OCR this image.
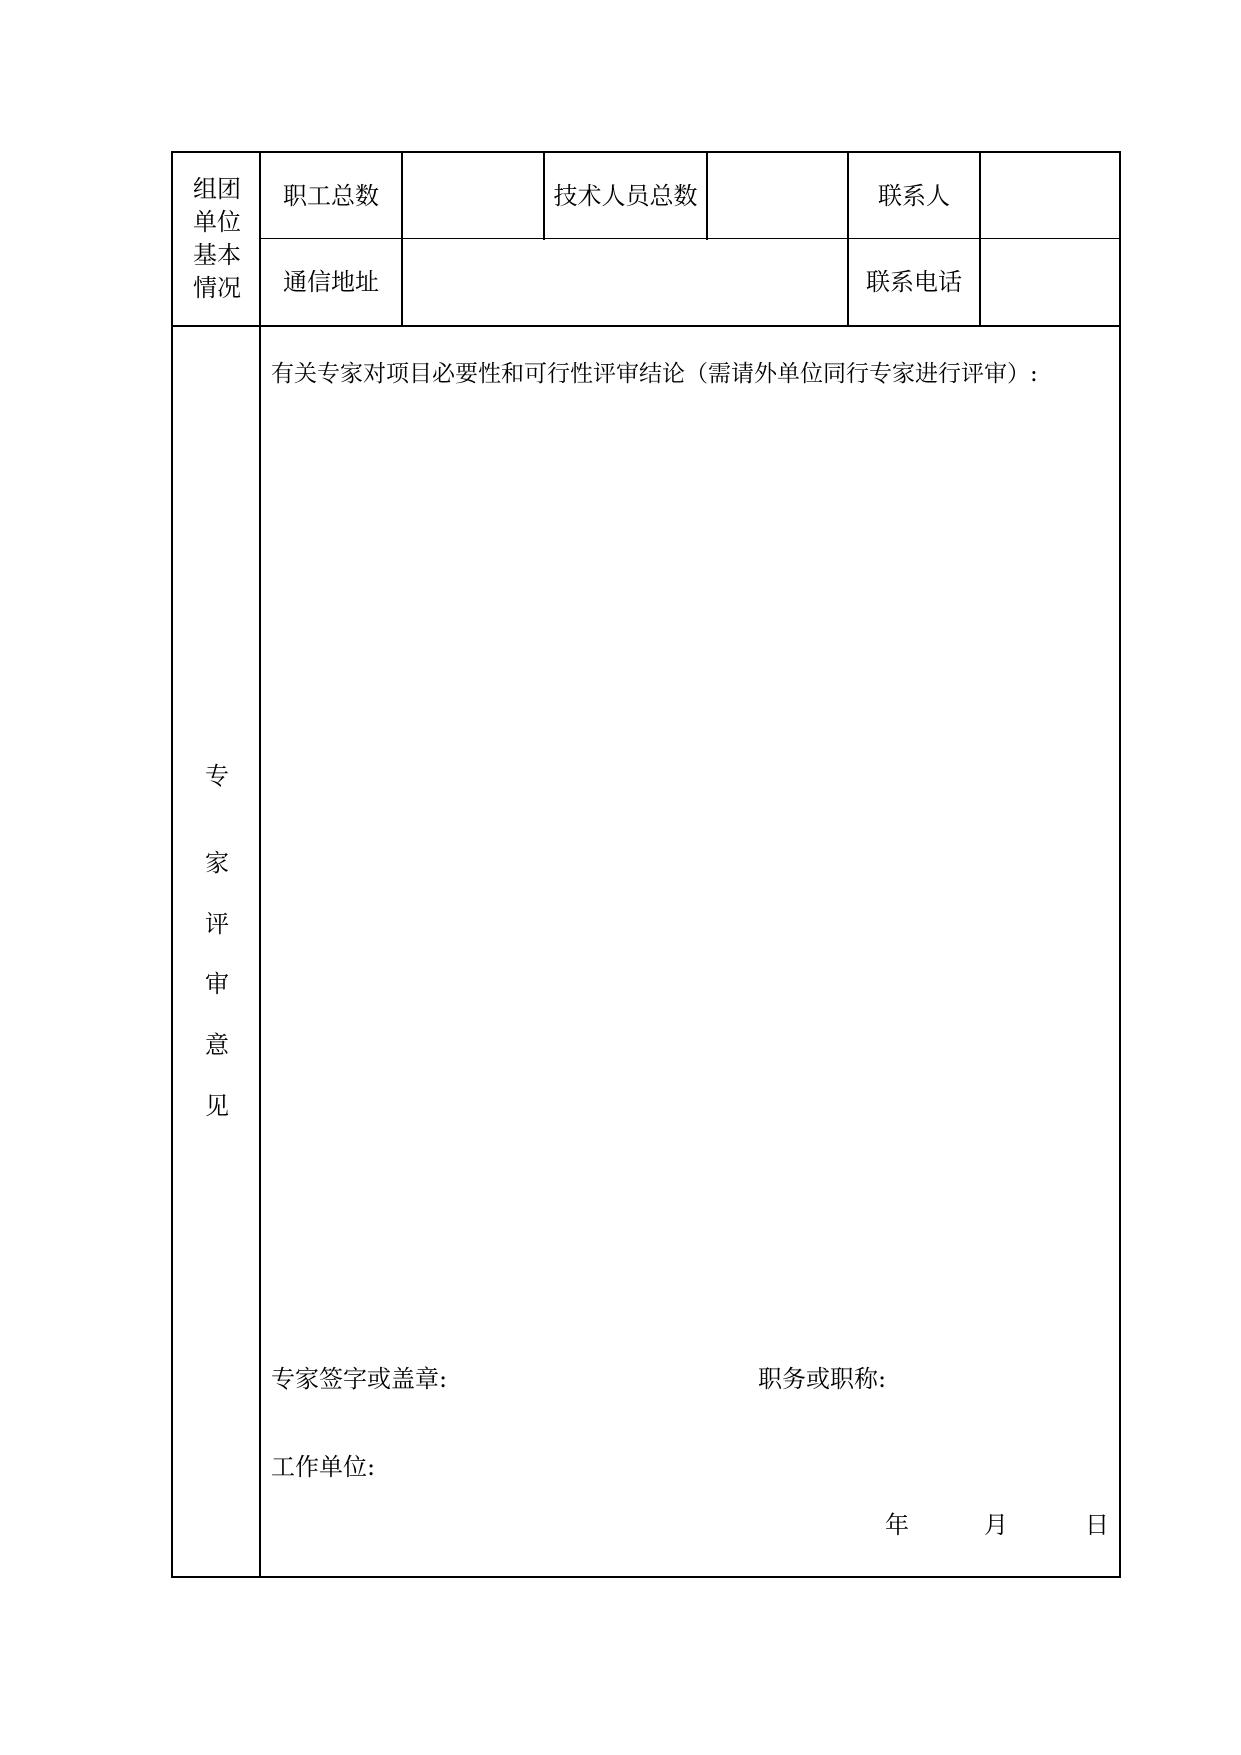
组团
单位
基本
情况
职工总数	技术人员总数	联系人
通信地址	联系电话
专
家
评
审
意
见
有关专家对项目必要性和可行性评审结论（需请外单位同行专家进行评审）:
专家签字或盖章:	职务或职称:
工作单位:
年	月	日
